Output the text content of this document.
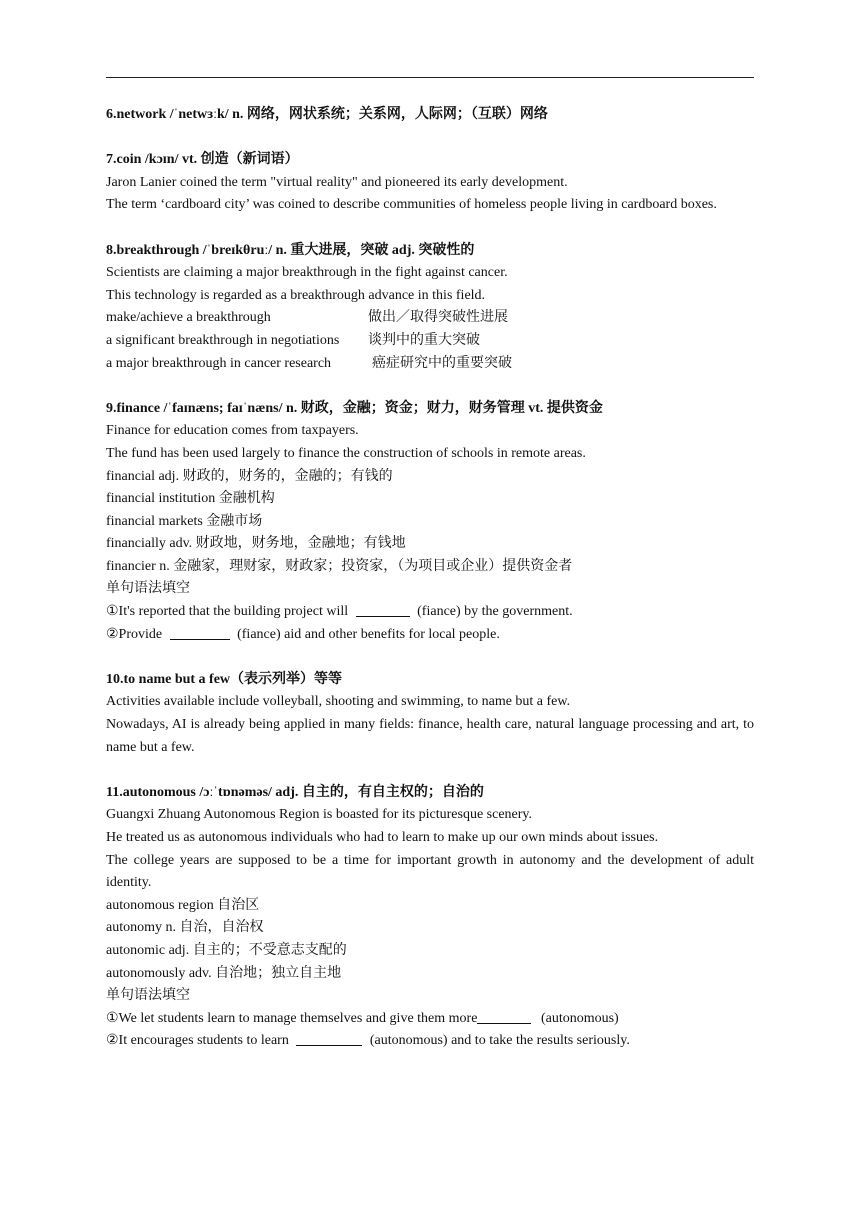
6.network /ˈnetwɜːk/ n. 网络，网状系统；关系网，人际网；（互联）网络
7.coin /kɔɪn/ vt. 创造（新词语）
Jaron Lanier coined the term "virtual reality" and pioneered its early development.
The term ‘cardboard city’ was coined to describe communities of homeless people living in cardboard boxes.
8.breakthrough /ˈbreɪkθruː/ n. 重大进展，突破 adj. 突破性的
Scientists are claiming a major breakthrough in the fight against cancer.
This technology is regarded as a breakthrough advance in this field.
make/achieve a breakthrough	做出／取得突破性进展
a significant breakthrough in negotiations 谈判中的重大突破
a major breakthrough in cancer research	癌症研究中的重要突破
9.finance /ˈfaɪnæns; faɪˈnæns/ n. 财政，金融；资金；财力，财务管理 vt. 提供资金
Finance for education comes from taxpayers.
The fund has been used largely to finance the construction of schools in remote areas.
financial adj. 财政的，财务的，金融的；有钱的
financial institution 金融机构
financial markets 金融市场
financially adv. 财政地，财务地，金融地；有钱地
financier n. 金融家，理财家，财政家；投资家，（为项目或企业）提供资金者
单句语法填空
①It's reported that the building project will	(fiance) by the government.
②Provide	(fiance) aid and other benefits for local people.
10.to name but a few（表示列举）等等
Activities available include volleyball, shooting and swimming, to name but a few.
Nowadays, AI is already being applied in many fields: finance, health care, natural language processing and art, to name but a few.
11.autonomous /ɔːˈtɒnəməs/ adj. 自主的，有自主权的；自治的
Guangxi Zhuang Autonomous Region is boasted for its picturesque scenery.
He treated us as autonomous individuals who had to learn to make up our own minds about issues.
The college years are supposed to be a time for important growth in autonomy and the development of adult identity.
autonomous region 自治区
autonomy n. 自治，自治权
autonomic adj. 自主的；不受意志支配的
autonomously adv. 自治地；独立自主地
单句语法填空
①We let students learn to manage themselves and give them more	(autonomous)
②It encourages students to learn	(autonomous) and to take the results seriously.
